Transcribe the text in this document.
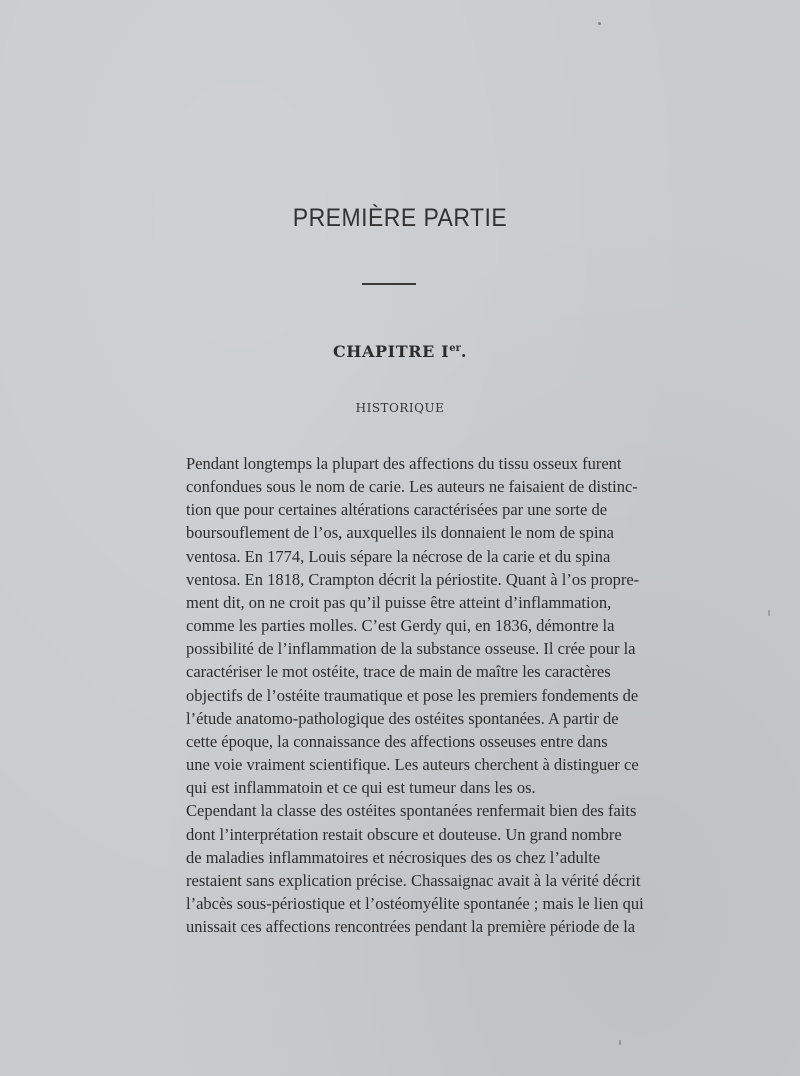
PREMIÈRE PARTIE
CHAPITRE Ier.
HISTORIQUE

Pendant longtemps la plupart des affections du tissu osseux furent
confondues sous le nom de carie. Les auteurs ne faisaient de distinc-
tion que pour certaines altérations caractérisées par une sorte de
boursouflement de l’os, auxquelles ils donnaient le nom de spina
ventosa. En 1774, Louis sépare la nécrose de la carie et du spina
ventosa. En 1818, Crampton décrit la périostite. Quant à l’os propre-
ment dit, on ne croit pas qu’il puisse être atteint d’inflammation,
comme les parties molles. C’est Gerdy qui, en 1836, démontre la
possibilité de l’inflammation de la substance osseuse. Il crée pour la
caractériser le mot ostéite, trace de main de maître les caractères
objectifs de l’ostéite traumatique et pose les premiers fondements de
l’étude anatomo-pathologique des ostéites spontanées. A partir de
cette époque, la connaissance des affections osseuses entre dans
une voie vraiment scientifique. Les auteurs cherchent à distinguer ce
qui est inflammatoin et ce qui est tumeur dans les os.

Cependant la classe des ostéites spontanées renfermait bien des faits
dont l’interprétation restait obscure et douteuse. Un grand nombre
de maladies inflammatoires et nécrosiques des os chez l’adulte
restaient sans explication précise. Chassaignac avait à la vérité décrit
l’abcès sous-périostique et l’ostéomyélite spontanée ; mais le lien qui
unissait ces affections rencontrées pendant la première période de la
